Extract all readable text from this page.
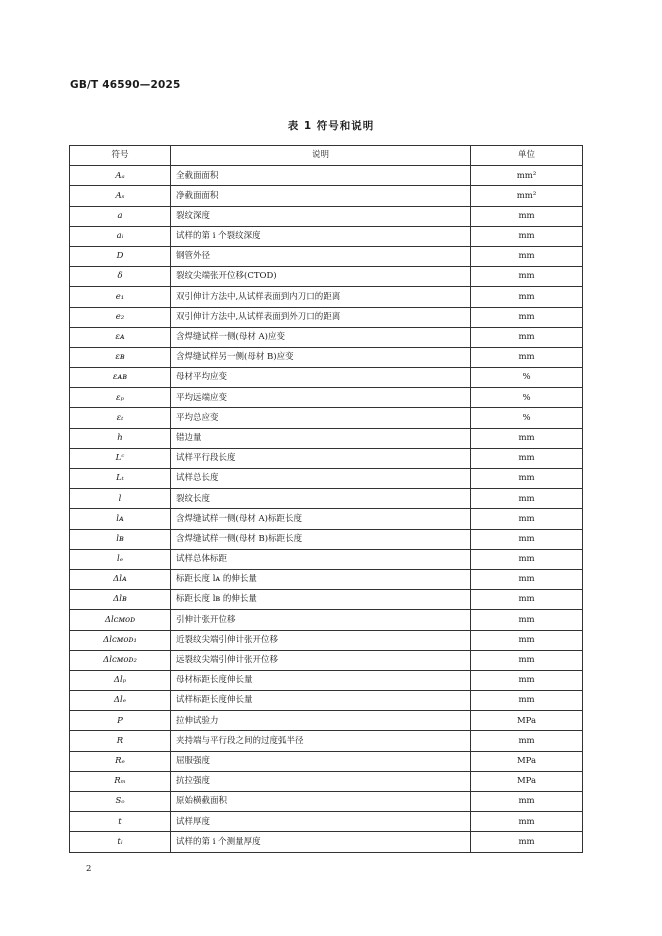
GB/T 46590—2025
表 1 符号和说明
符号	说明	单位
Aₐ	全截面面积	mm²
Aₛ	净截面面积	mm²
a	裂纹深度	mm
aᵢ	试样的第 i 个裂纹深度	mm
D	钢管外径	mm
δ	裂纹尖端张开位移(CTOD)	mm
e₁	双引伸计方法中,从试样表面到内刀口的距离	mm
e₂	双引伸计方法中,从试样表面到外刀口的距离	mm
εᴀ	含焊缝试样一侧(母材 A)应变	mm
εʙ	含焊缝试样另一侧(母材 B)应变	mm
εᴀʙ	母材平均应变	%
εₚ	平均远端应变	%
εₜ	平均总应变	%
h	错边量	mm
Lᶜ	试样平行段长度	mm
Lₜ	试样总长度	mm
l	裂纹长度	mm
lᴀ	含焊缝试样一侧(母材 A)标距长度	mm
lʙ	含焊缝试样一侧(母材 B)标距长度	mm
lₑ	试样总体标距	mm
Δlᴀ	标距长度 lᴀ 的伸长量	mm
Δlʙ	标距长度 lʙ 的伸长量	mm
Δlᴄᴍᴏᴅ	引伸计张开位移	mm
Δlᴄᴍᴏᴅ₁	近裂纹尖端引伸计张开位移	mm
Δlᴄᴍᴏᴅ₂	远裂纹尖端引伸计张开位移	mm
Δlₚ	母材标距长度伸长量	mm
Δlₑ	试样标距长度伸长量	mm
P	拉伸试验力	MPa
R	夹持端与平行段之间的过度弧半径	mm
Rₑ	屈服强度	MPa
Rₘ	抗拉强度	MPa
Sₒ	原始横截面积	mm
t	试样厚度	mm
tᵢ	试样的第 i 个测量厚度	mm
2
